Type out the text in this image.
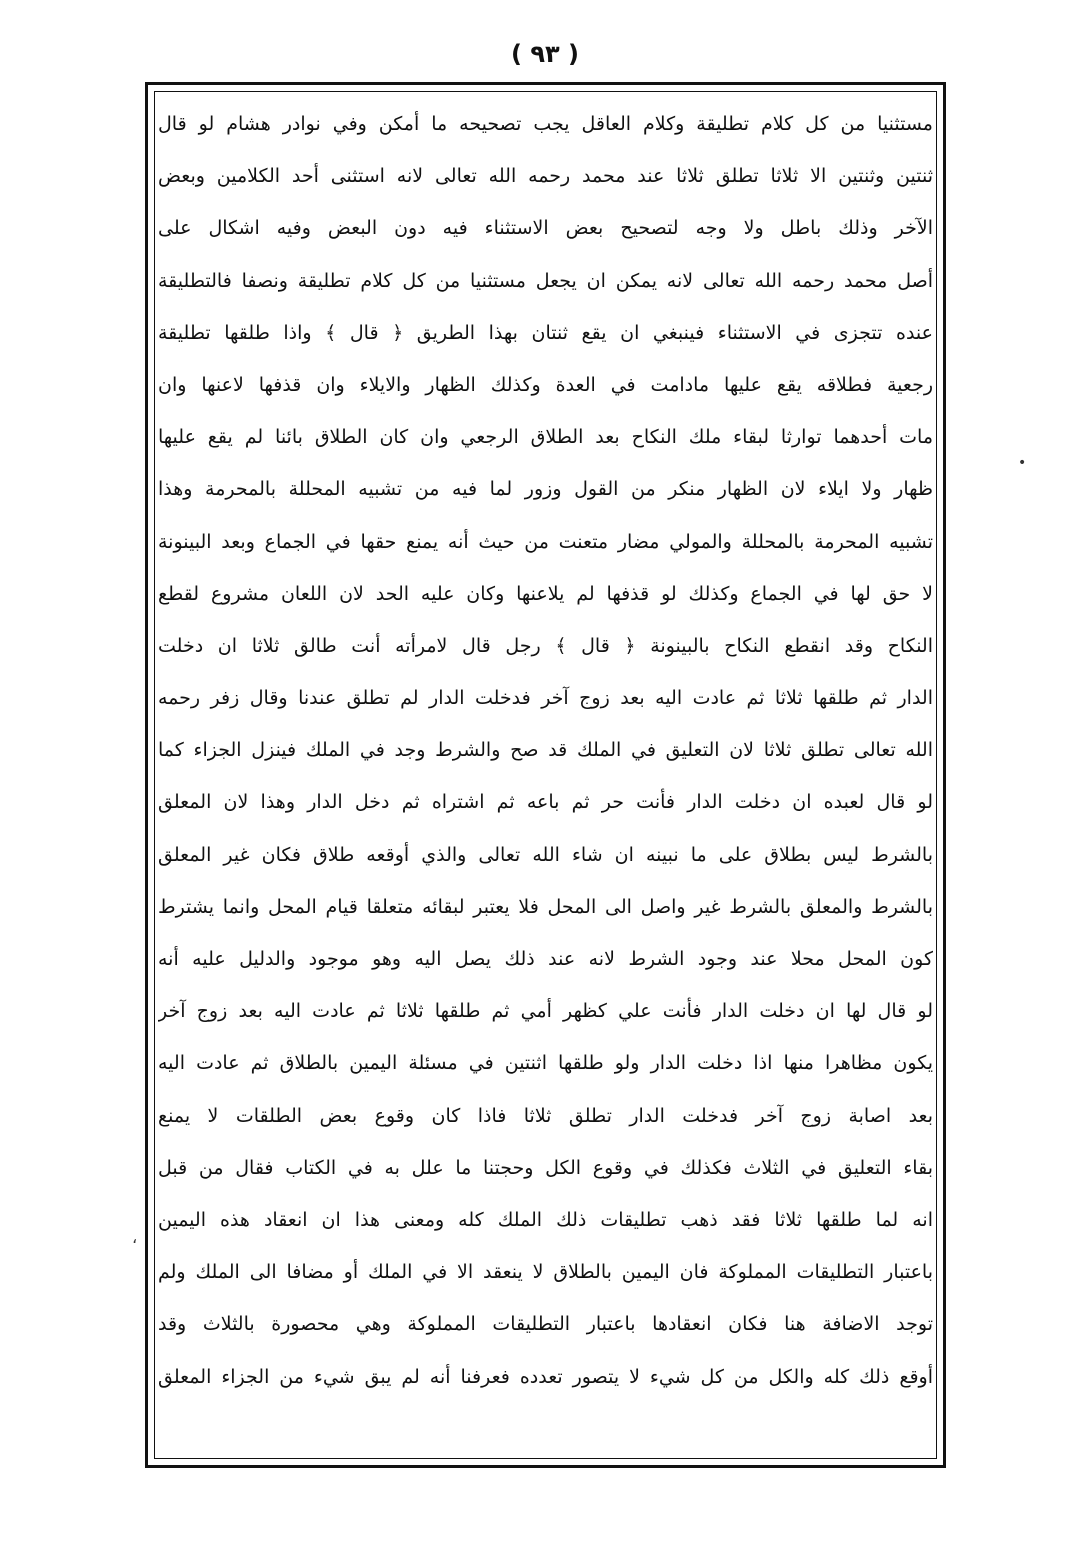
( ٩٣ )
مستثنيا من كل كلام تطليقة وكلام العاقل يجب تصحيحه ما أمكن وفي نوادر هشام لو قال
ثنتين وثنتين الا ثلاثا تطلق ثلاثا عند محمد رحمه الله تعالى لانه استثنى أحد الكلامين وبعض
الآخر وذلك باطل ولا وجه لتصحيح بعض الاستثناء فيه دون البعض وفيه اشكال على
أصل محمد رحمه الله تعالى لانه يمكن ان يجعل مستثنيا من كل كلام تطليقة ونصفا فالتطليقة
عنده تتجزى في الاستثناء فينبغي ان يقع ثنتان بهذا الطريق ﴿ قال ﴾ واذا طلقها تطليقة
رجعية فطلاقه يقع عليها مادامت في العدة وكذلك الظهار والايلاء وان قذفها لاعنها وان
مات أحدهما توارثا لبقاء ملك النكاح بعد الطلاق الرجعي وان كان الطلاق بائنا لم يقع عليها
ظهار ولا ايلاء لان الظهار منكر من القول وزور لما فيه من تشبيه المحللة بالمحرمة وهذا
تشبيه المحرمة بالمحللة والمولي مضار متعنت من حيث أنه يمنع حقها في الجماع وبعد البينونة
لا حق لها في الجماع وكذلك لو قذفها لم يلاعنها وكان عليه الحد لان اللعان مشروع لقطع
النكاح وقد انقطع النكاح بالبينونة ﴿ قال ﴾ رجل قال لامرأته أنت طالق ثلاثا ان دخلت
الدار ثم طلقها ثلاثا ثم عادت اليه بعد زوج آخر فدخلت الدار لم تطلق عندنا وقال زفر رحمه
الله تعالى تطلق ثلاثا لان التعليق في الملك قد صح والشرط وجد في الملك فينزل الجزاء كما
لو قال لعبده ان دخلت الدار فأنت حر ثم باعه ثم اشتراه ثم دخل الدار وهذا لان المعلق
بالشرط ليس بطلاق على ما نبينه ان شاء الله تعالى والذي أوقعه طلاق فكان غير المعلق
بالشرط والمعلق بالشرط غير واصل الى المحل فلا يعتبر لبقائه متعلقا قيام المحل وانما يشترط
كون المحل محلا عند وجود الشرط لانه عند ذلك يصل اليه وهو موجود والدليل عليه أنه
لو قال لها ان دخلت الدار فأنت علي كظهر أمي ثم طلقها ثلاثا ثم عادت اليه بعد زوج آخر
يكون مظاهرا منها اذا دخلت الدار ولو طلقها اثنتين في مسئلة اليمين بالطلاق ثم عادت اليه
بعد اصابة زوج آخر فدخلت الدار تطلق ثلاثا فاذا كان وقوع بعض الطلقات لا يمنع
بقاء التعليق في الثلاث فكذلك في وقوع الكل وحجتنا ما علل به في الكتاب فقال من قبل
انه لما طلقها ثلاثا فقد ذهب تطليقات ذلك الملك كله ومعنى هذا ان انعقاد هذه اليمين
باعتبار التطليقات المملوكة فان اليمين بالطلاق لا ينعقد الا في الملك أو مضافا الى الملك ولم
توجد الاضافة هنا فكان انعقادها باعتبار التطليقات المملوكة وهي محصورة بالثلاث وقد
أوقع ذلك كله والكل من كل شيء لا يتصور تعدده فعرفنا أنه لم يبق شيء من الجزاء المعلق
•
،
